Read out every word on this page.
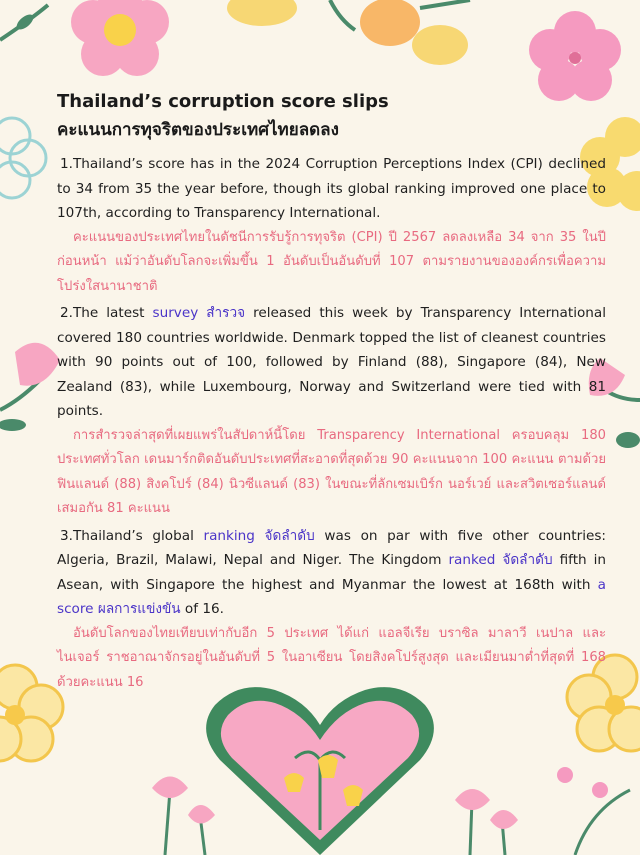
Thailand’s corruption score slips
คะแนนการทุจริตของประเทศไทยลดลง

1.Thailand’s score has in the 2024 Corruption Perceptions Index (CPI) declined to 34 from 35 the year before, though its global ranking improved one place to 107th, according to Transparency International.

คะแนนของประเทศไทยในดัชนีการรับรู้การทุจริต (CPI) ปี 2567 ลดลงเหลือ 34 จาก 35 ในปีก่อนหน้า แม้ว่าอันดับโลกจะเพิ่มขึ้น 1 อันดับเป็นอันดับที่ 107 ตามรายงานขององค์กรเพื่อความโปร่งใสนานาชาติ

2.The latest survey สำรวจ released this week by Transparency International covered 180 countries worldwide. Denmark topped the list of cleanest countries with 90 points out of 100, followed by Finland (88), Singapore (84), New Zealand (83), while Luxembourg, Norway and Switzerland were tied with 81 points.

การสำรวจล่าสุดที่เผยแพร่ในสัปดาห์นี้โดย Transparency International ครอบคลุม 180 ประเทศทั่วโลก เดนมาร์กติดอันดับประเทศที่สะอาดที่สุดด้วย 90 คะแนนจาก 100 คะแนน ตามด้วยฟินแลนด์ (88) สิงคโปร์ (84) นิวซีแลนด์ (83) ในขณะที่ลักเซมเบิร์ก นอร์เวย์ และสวิตเซอร์แลนด์เสมอกัน 81 คะแนน

3.Thailand’s global ranking จัดลำดับ was on par with five other countries: Algeria, Brazil, Malawi, Nepal and Niger. The Kingdom ranked จัดลำดับ fifth in Asean, with Singapore the highest and Myanmar the lowest at 168th with a score ผลการแข่งขัน of 16.

อันดับโลกของไทยเทียบเท่ากับอีก 5 ประเทศ ได้แก่ แอลจีเรีย บราซิล มาลาวี เนปาล และไนเจอร์ ราชอาณาจักรอยู่ในอันดับที่ 5 ในอาเซียน โดยสิงคโปร์สูงสุด และเมียนมาต่ำที่สุดที่ 168 ด้วยคะแนน 16
